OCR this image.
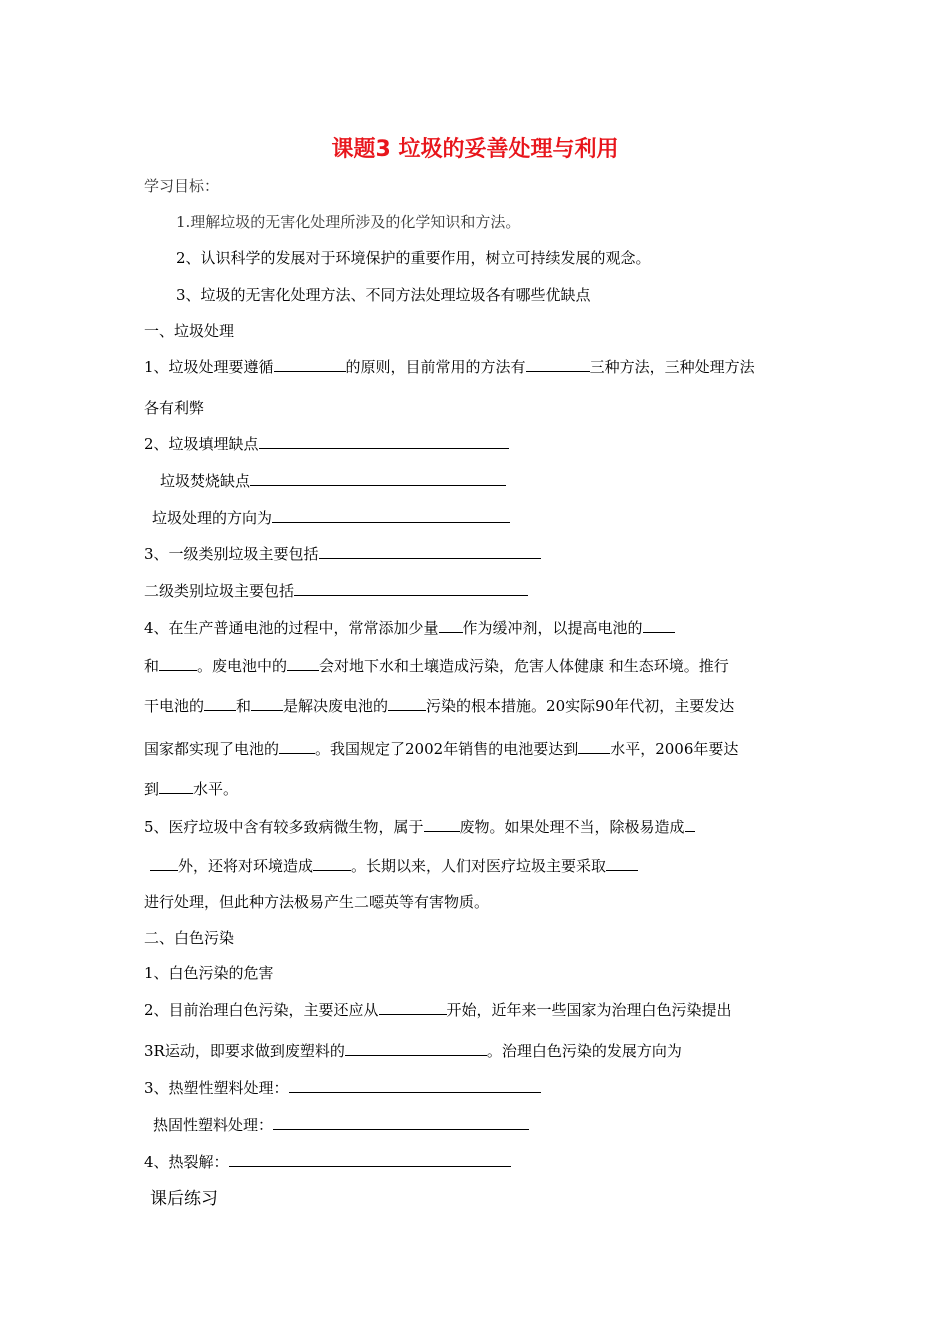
课题3 垃圾的妥善处理与利用
学习目标：
1.理解垃圾的无害化处理所涉及的化学知识和方法。
2、认识科学的发展对于环境保护的重要作用，树立可持续发展的观念。
3、垃圾的无害化处理方法、不同方法处理垃圾各有哪些优缺点
一、垃圾处理
1、垃圾处理要遵循	的原则，目前常用的方法有	三种方法，三种处理方法
各有利弊
2、垃圾填埋缺点
垃圾焚烧缺点
垃圾处理的方向为
3、一级类别垃圾主要包括
二级类别垃圾主要包括
4、在生产普通电池的过程中，常常添加少量 作为缓冲剂，以提高电池的
和	。废电池中的 会对地下水和土壤造成污染，危害人体健康 和生态环境。推行
干电池的 和 是解决废电池的	污染的根本措施。20实际90年代初，主要发达
国家都实现了电池的 。我国规定了2002年销售的电池要达到 水平，2006年要达
到 水平。
5、医疗垃圾中含有较多致病微生物，属于 废物。如果处理不当，除极易造成
外，还将对环境造成	。长期以来，人们对医疗垃圾主要采取
进行处理，但此种方法极易产生二噁英等有害物质。
二、白色污染
1、白色污染的危害
2、目前治理白色污染，主要还应从	开始，近年来一些国家为治理白色污染提出
3R运动，即要求做到废塑料的	。治理白色污染的发展方向为
3、热塑性塑料处理：
热固性塑料处理：
4、热裂解：
课后练习
